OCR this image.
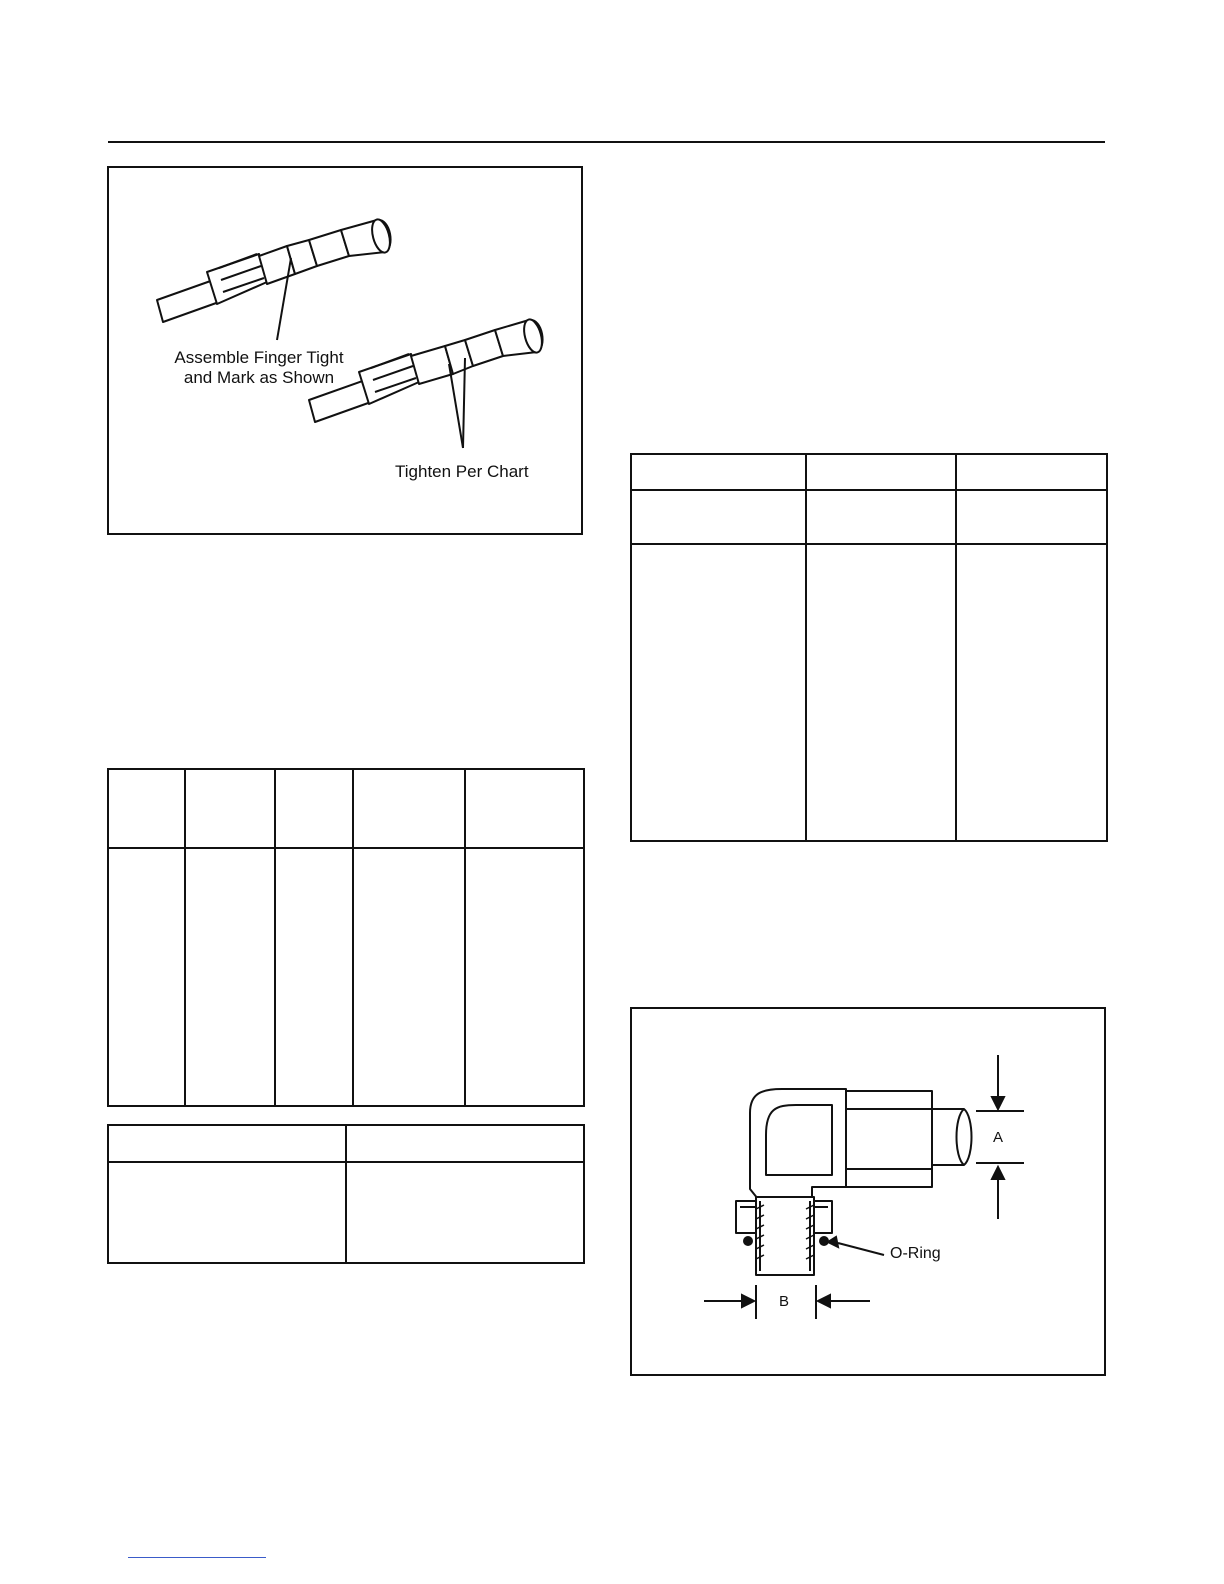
Assemble Finger Tight
and Mark as Shown
Tighten Per Chart

A
O-Ring
B
